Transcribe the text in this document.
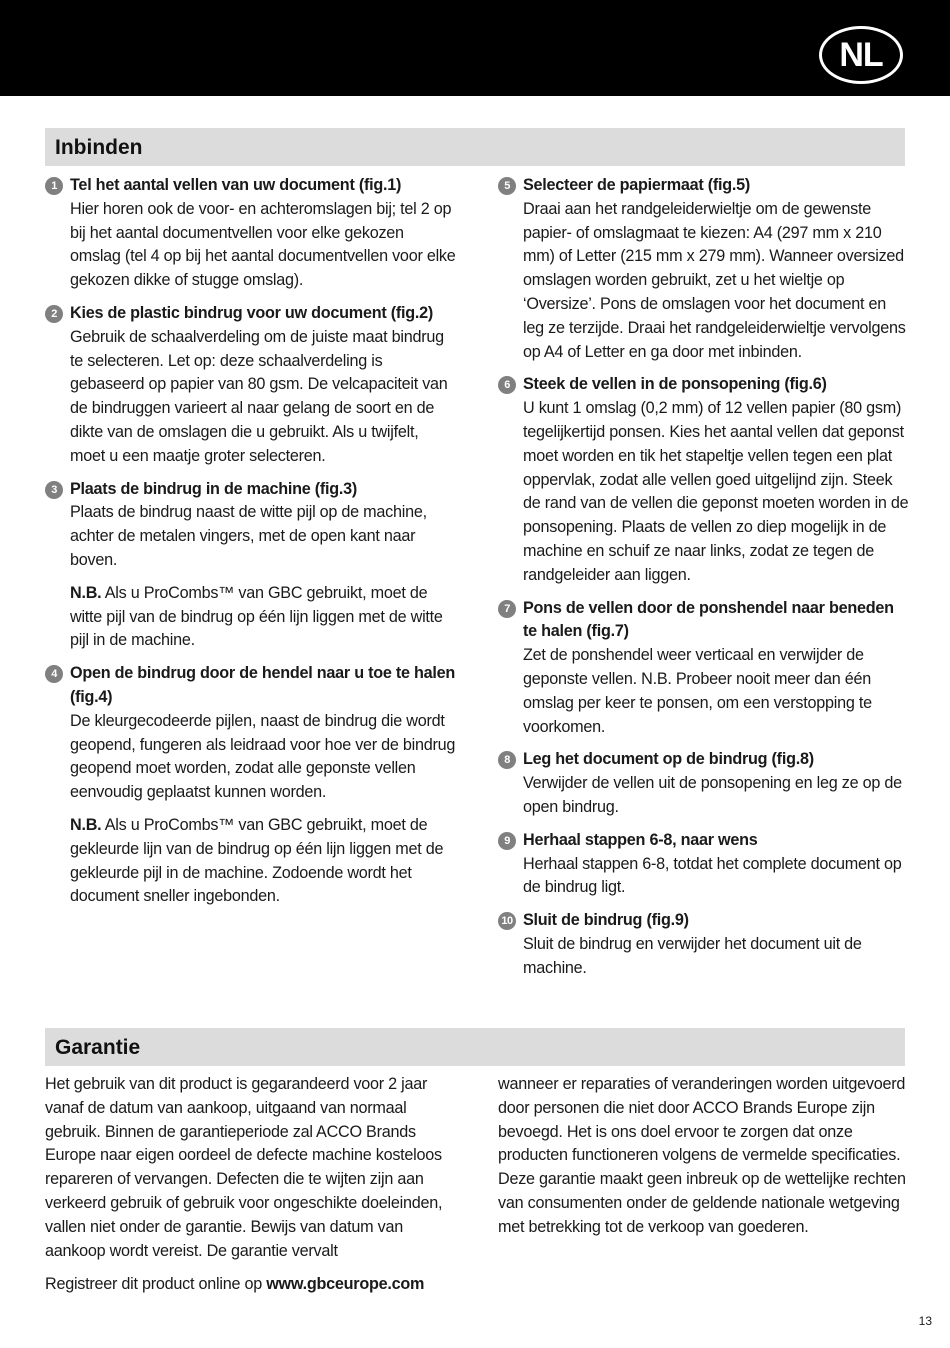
NL
Inbinden
1 Tel het aantal vellen van uw document (fig.1)
Hier horen ook de voor- en achteromslagen bij; tel 2 op bij het aantal documentvellen voor elke gekozen omslag (tel 4 op bij het aantal documentvellen voor elke gekozen dikke of stugge omslag).
2 Kies de plastic bindrug voor uw document (fig.2)
Gebruik de schaalverdeling om de juiste maat bindrug te selecteren. Let op: deze schaalverdeling is gebaseerd op papier van 80 gsm. De velcapaciteit van de bindruggen varieert al naar gelang de soort en de dikte van de omslagen die u gebruikt. Als u twijfelt, moet u een maatje groter selecteren.
3 Plaats de bindrug in de machine (fig.3)
Plaats de bindrug naast de witte pijl op de machine, achter de metalen vingers, met de open kant naar boven.
N.B. Als u ProCombs™ van GBC gebruikt, moet de witte pijl van de bindrug op één lijn liggen met de witte pijl in de machine.
4 Open de bindrug door de hendel naar u toe te halen (fig.4)
De kleurgecodeerde pijlen, naast de bindrug die wordt geopend, fungeren als leidraad voor hoe ver de bindrug geopend moet worden, zodat alle geponste vellen eenvoudig geplaatst kunnen worden.
N.B. Als u ProCombs™ van GBC gebruikt, moet de gekleurde lijn van de bindrug op één lijn liggen met de gekleurde pijl in de machine. Zodoende wordt het document sneller ingebonden.
5 Selecteer de papiermaat (fig.5)
Draai aan het randgeleiderwieltje om de gewenste papier- of omslagmaat te kiezen: A4 (297 mm x 210 mm) of Letter (215 mm x 279 mm). Wanneer oversized omslagen worden gebruikt, zet u het wieltje op ‘Oversize’. Pons de omslagen voor het document en leg ze terzijde. Draai het randgeleiderwieltje vervolgens op A4 of Letter en ga door met inbinden.
6 Steek de vellen in de ponsopening (fig.6)
U kunt 1 omslag (0,2 mm) of 12 vellen papier (80 gsm) tegelijkertijd ponsen. Kies het aantal vellen dat geponst moet worden en tik het stapeltje vellen tegen een plat oppervlak, zodat alle vellen goed uitgelijnd zijn. Steek de rand van de vellen die geponst moeten worden in de ponsopening. Plaats de vellen zo diep mogelijk in de machine en schuif ze naar links, zodat ze tegen de randgeleider aan liggen.
7 Pons de vellen door de ponshendel naar beneden te halen (fig.7)
Zet de ponshendel weer verticaal en verwijder de geponste vellen. N.B. Probeer nooit meer dan één omslag per keer te ponsen, om een verstopping te voorkomen.
8 Leg het document op de bindrug (fig.8)
Verwijder de vellen uit de ponsopening en leg ze op de open bindrug.
9 Herhaal stappen 6-8, naar wens
Herhaal stappen 6-8, totdat het complete document op de bindrug ligt.
10 Sluit de bindrug (fig.9)
Sluit de bindrug en verwijder het document uit de machine.
Garantie

Het gebruik van dit product is gegarandeerd voor 2 jaar vanaf de datum van aankoop, uitgaand van normaal gebruik. Binnen de garantieperiode zal ACCO Brands Europe naar eigen oordeel de defecte machine kosteloos repareren of vervangen. Defecten die te wijten zijn aan verkeerd gebruik of gebruik voor ongeschikte doeleinden, vallen niet onder de garantie. Bewijs van datum van aankoop wordt vereist. De garantie vervalt

Registreer dit product online op www.gbceurope.com

wanneer er reparaties of veranderingen worden uitgevoerd door personen die niet door ACCO Brands Europe zijn bevoegd. Het is ons doel ervoor te zorgen dat onze producten functioneren volgens de vermelde specificaties. Deze garantie maakt geen inbreuk op de wettelijke rechten van consumenten onder de geldende nationale wetgeving met betrekking tot de verkoop van goederen.

13
